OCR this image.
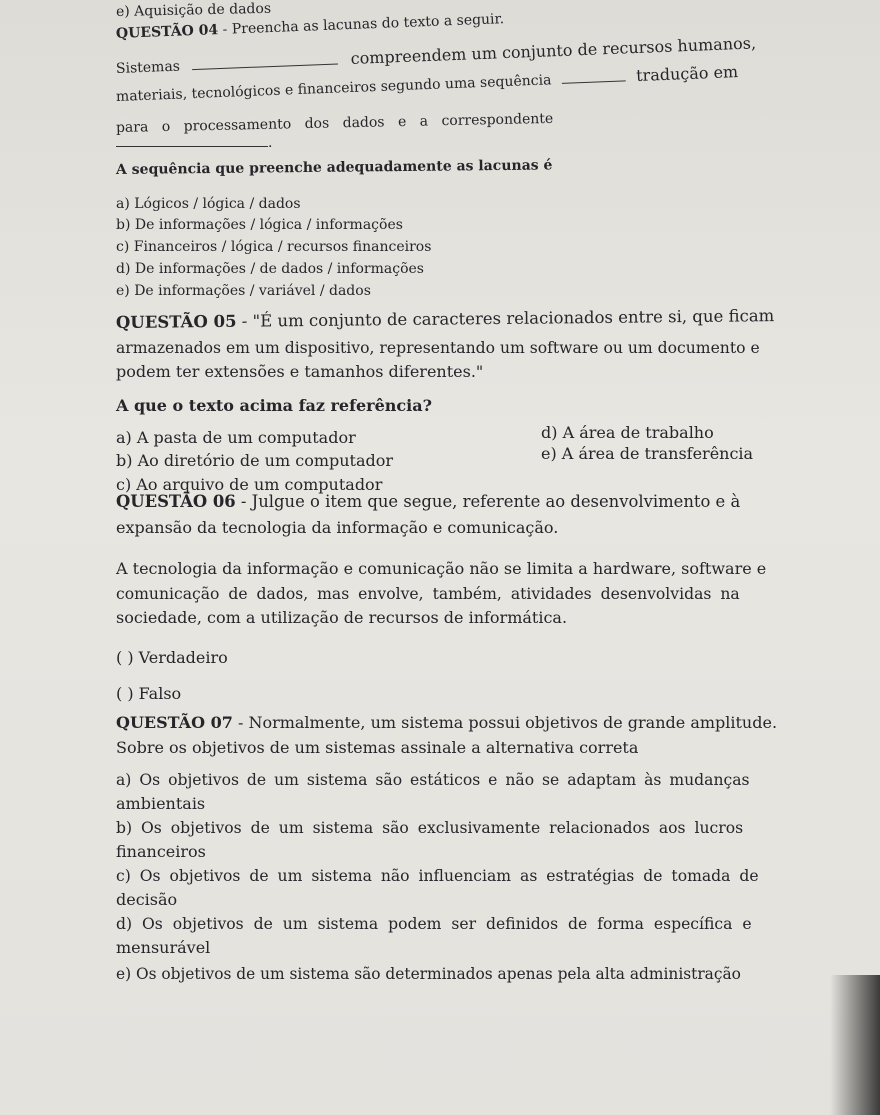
e) Aquisição de dados
QUESTÃO 04 - Preencha as lacunas do texto a seguir.
Sistemas	compreendem um conjunto de recursos humanos,
materiais, tecnológicos e financeiros segundo uma sequência	tradução em
para o processamento dos dados e a correspondente
.
A sequência que preenche adequadamente as lacunas é
a) Lógicos / lógica / dados
b) De informações / lógica / informações
c) Financeiros / lógica / recursos financeiros
d) De informações / de dados / informações
e) De informações / variável / dados
QUESTÃO 05 - "É um conjunto de caracteres relacionados entre si, que ficam
armazenados em um dispositivo, representando um software ou um documento e
podem ter extensões e tamanhos diferentes."
A que o texto acima faz referência?
a) A pasta de um computador
b) Ao diretório de um computador
c) Ao arquivo de um computador
d) A área de trabalho
e) A área de transferência
QUESTÃO 06 - Julgue o item que segue, referente ao desenvolvimento e à
expansão da tecnologia da informação e comunicação.
A tecnologia da informação e comunicação não se limita a hardware, software e
comunicação de dados, mas envolve, também, atividades desenvolvidas na
sociedade, com a utilização de recursos de informática.
( ) Verdadeiro
( ) Falso
QUESTÃO 07 - Normalmente, um sistema possui objetivos de grande amplitude.
Sobre os objetivos de um sistemas assinale a alternativa correta
a) Os objetivos de um sistema são estáticos e não se adaptam às mudanças
ambientais
b) Os objetivos de um sistema são exclusivamente relacionados aos lucros
financeiros
c) Os objetivos de um sistema não influenciam as estratégias de tomada de
decisão
d) Os objetivos de um sistema podem ser definidos de forma específica e
mensurável
e) Os objetivos de um sistema são determinados apenas pela alta administração
